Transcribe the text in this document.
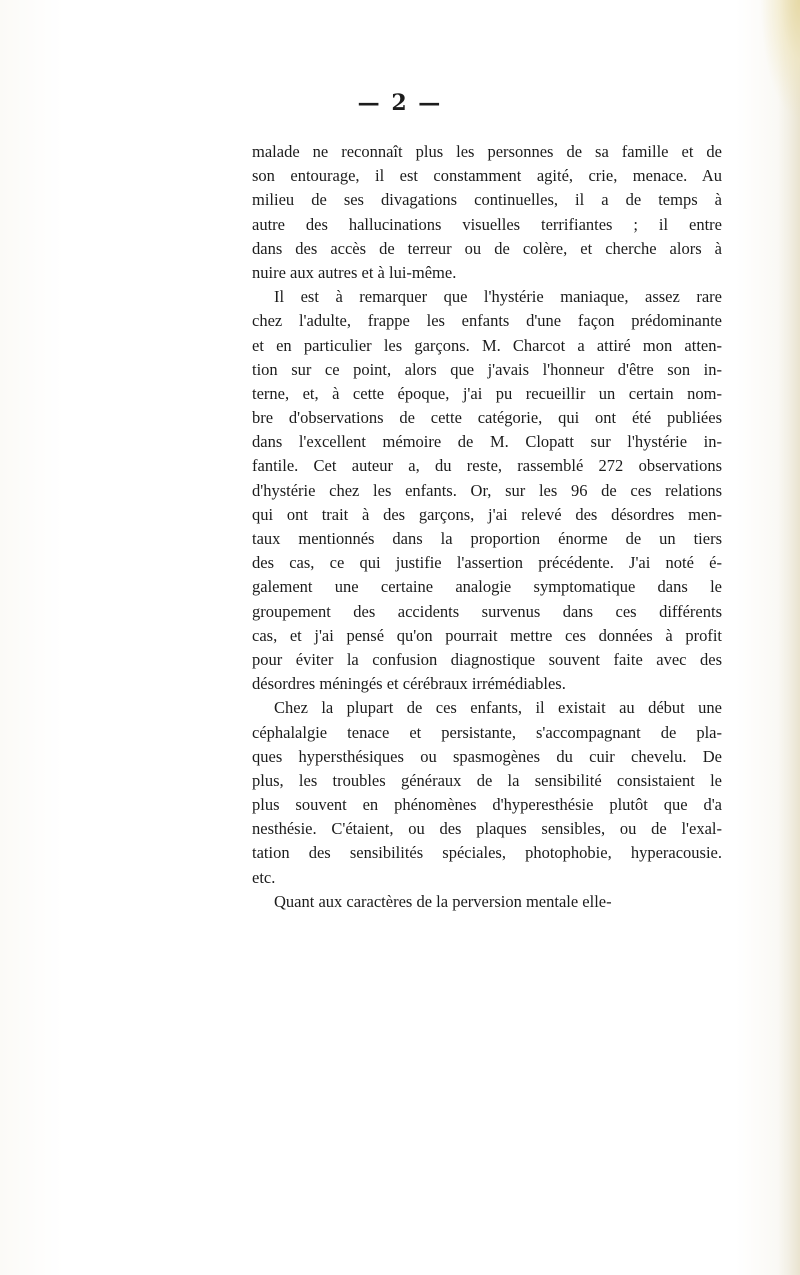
— 2 —
malade ne reconnaît plus les personnes de sa famille et de
son entourage, il est constamment agité, crie, menace. Au
milieu de ses divagations continuelles, il a de temps à
autre des hallucinations visuelles terrifiantes ; il entre
dans des accès de terreur ou de colère, et cherche alors à
nuire aux autres et à lui-même.
Il est à remarquer que l'hystérie maniaque, assez rare
chez l'adulte, frappe les enfants d'une façon prédominante
et en particulier les garçons. M. Charcot a attiré mon atten-
tion sur ce point, alors que j'avais l'honneur d'être son in-
terne, et, à cette époque, j'ai pu recueillir un certain nom-
bre d'observations de cette catégorie, qui ont été publiées
dans l'excellent mémoire de M. Clopatt sur l'hystérie in-
fantile. Cet auteur a, du reste, rassemblé 272 observations
d'hystérie chez les enfants. Or, sur les 96 de ces relations
qui ont trait à des garçons, j'ai relevé des désordres men-
taux mentionnés dans la proportion énorme de un tiers
des cas, ce qui justifie l'assertion précédente. J'ai noté é-
galement une certaine analogie symptomatique dans le
groupement des accidents survenus dans ces différents
cas, et j'ai pensé qu'on pourrait mettre ces données à profit
pour éviter la confusion diagnostique souvent faite avec des
désordres méningés et cérébraux irrémédiables.
Chez la plupart de ces enfants, il existait au début une
céphalalgie tenace et persistante, s'accompagnant de pla-
ques hypersthésiques ou spasmogènes du cuir chevelu. De
plus, les troubles généraux de la sensibilité consistaient le
plus souvent en phénomènes d'hyperesthésie plutôt que d'a
nesthésie. C'étaient, ou des plaques sensibles, ou de l'exal-
tation des sensibilités spéciales, photophobie, hyperacousie.
etc.
Quant aux caractères de la perversion mentale elle-
